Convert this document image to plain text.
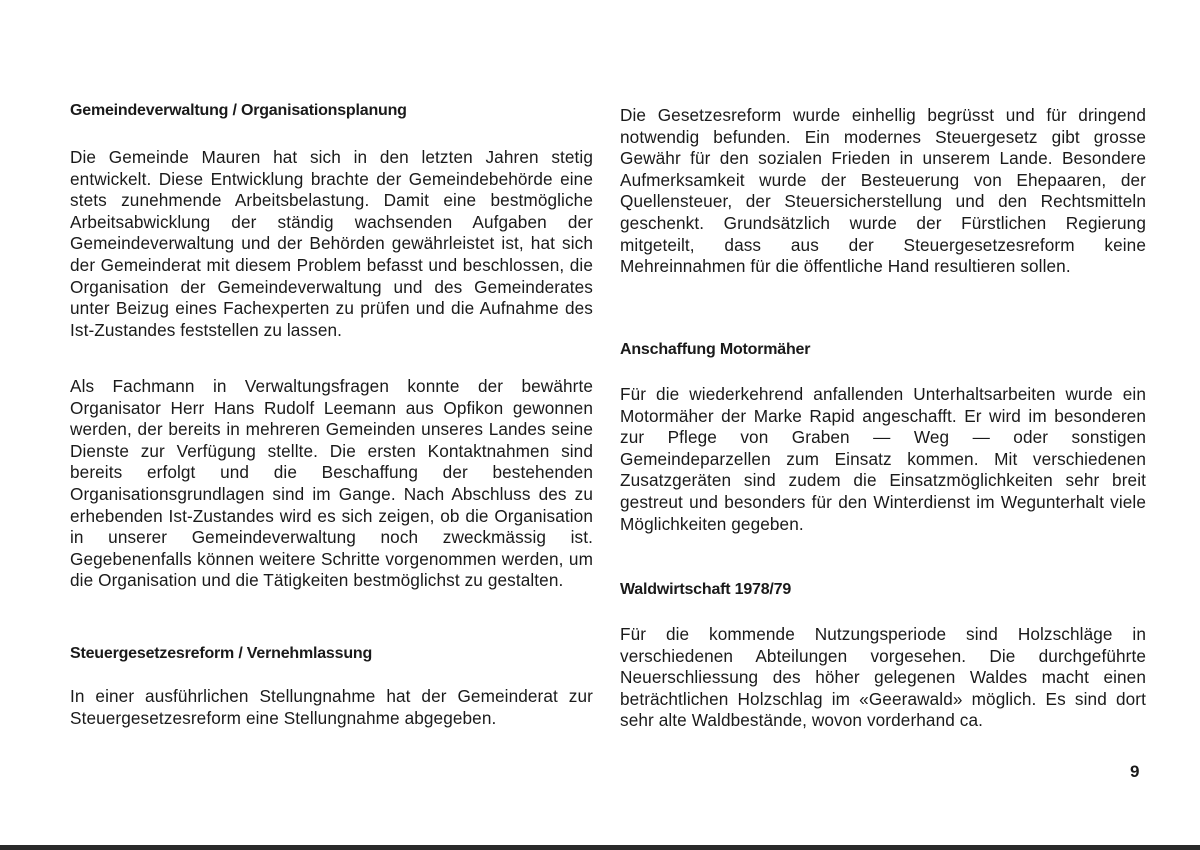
Gemeindeverwaltung / Organisationsplanung

Die Gemeinde Mauren hat sich in den letzten Jahren stetig entwickelt. Diese Entwicklung brachte der Gemeindebehörde eine stets zunehmende Arbeitsbelastung. Damit eine bestmögliche Arbeitsabwicklung der ständig wachsenden Aufgaben der Gemeindeverwaltung und der Behörden gewährleistet ist, hat sich der Gemeinderat mit diesem Problem befasst und beschlossen, die Organisation der Gemeindeverwaltung und des Gemeinderates unter Beizug eines Fachexperten zu prüfen und die Aufnahme des Ist-Zustandes feststellen zu lassen.

Als Fachmann in Verwaltungsfragen konnte der bewährte Organisator Herr Hans Rudolf Leemann aus Opfikon gewonnen werden, der bereits in mehreren Gemeinden unseres Landes seine Dienste zur Verfügung stellte. Die ersten Kontaktnahmen sind bereits erfolgt und die Beschaffung der bestehenden Organisationsgrundlagen sind im Gange. Nach Abschluss des zu erhebenden Ist-Zustandes wird es sich zeigen, ob die Organisation in unserer Gemeindeverwaltung noch zweckmässig ist. Gegebenenfalls können weitere Schritte vorgenommen werden, um die Organisation und die Tätigkeiten bestmöglichst zu gestalten.

Steuergesetzesreform / Vernehmlassung

In einer ausführlichen Stellungnahme hat der Gemeinderat zur Steuergesetzesreform eine Stellungnahme abgegeben.

Die Gesetzesreform wurde einhellig begrüsst und für dringend notwendig befunden. Ein modernes Steuergesetz gibt grosse Gewähr für den sozialen Frieden in unserem Lande. Besondere Aufmerksamkeit wurde der Besteuerung von Ehepaaren, der Quellensteuer, der Steuersicherstellung und den Rechtsmitteln geschenkt. Grundsätzlich wurde der Fürstlichen Regierung mitgeteilt, dass aus der Steuergesetzesreform keine Mehreinnahmen für die öffentliche Hand resultieren sollen.

Anschaffung Motormäher

Für die wiederkehrend anfallenden Unterhaltsarbeiten wurde ein Motormäher der Marke Rapid angeschafft. Er wird im besonderen zur Pflege von Graben — Weg — oder sonstigen Gemeindeparzellen zum Einsatz kommen. Mit verschiedenen Zusatzgeräten sind zudem die Einsatzmöglichkeiten sehr breit gestreut und besonders für den Winterdienst im Wegunterhalt viele Möglichkeiten gegeben.

Waldwirtschaft 1978/79

Für die kommende Nutzungsperiode sind Holzschläge in verschiedenen Abteilungen vorgesehen. Die durchgeführte Neuerschliessung des höher gelegenen Waldes macht einen beträchtlichen Holzschlag im «Geerawald» möglich. Es sind dort sehr alte Waldbestände, wovon vorderhand ca.

9
